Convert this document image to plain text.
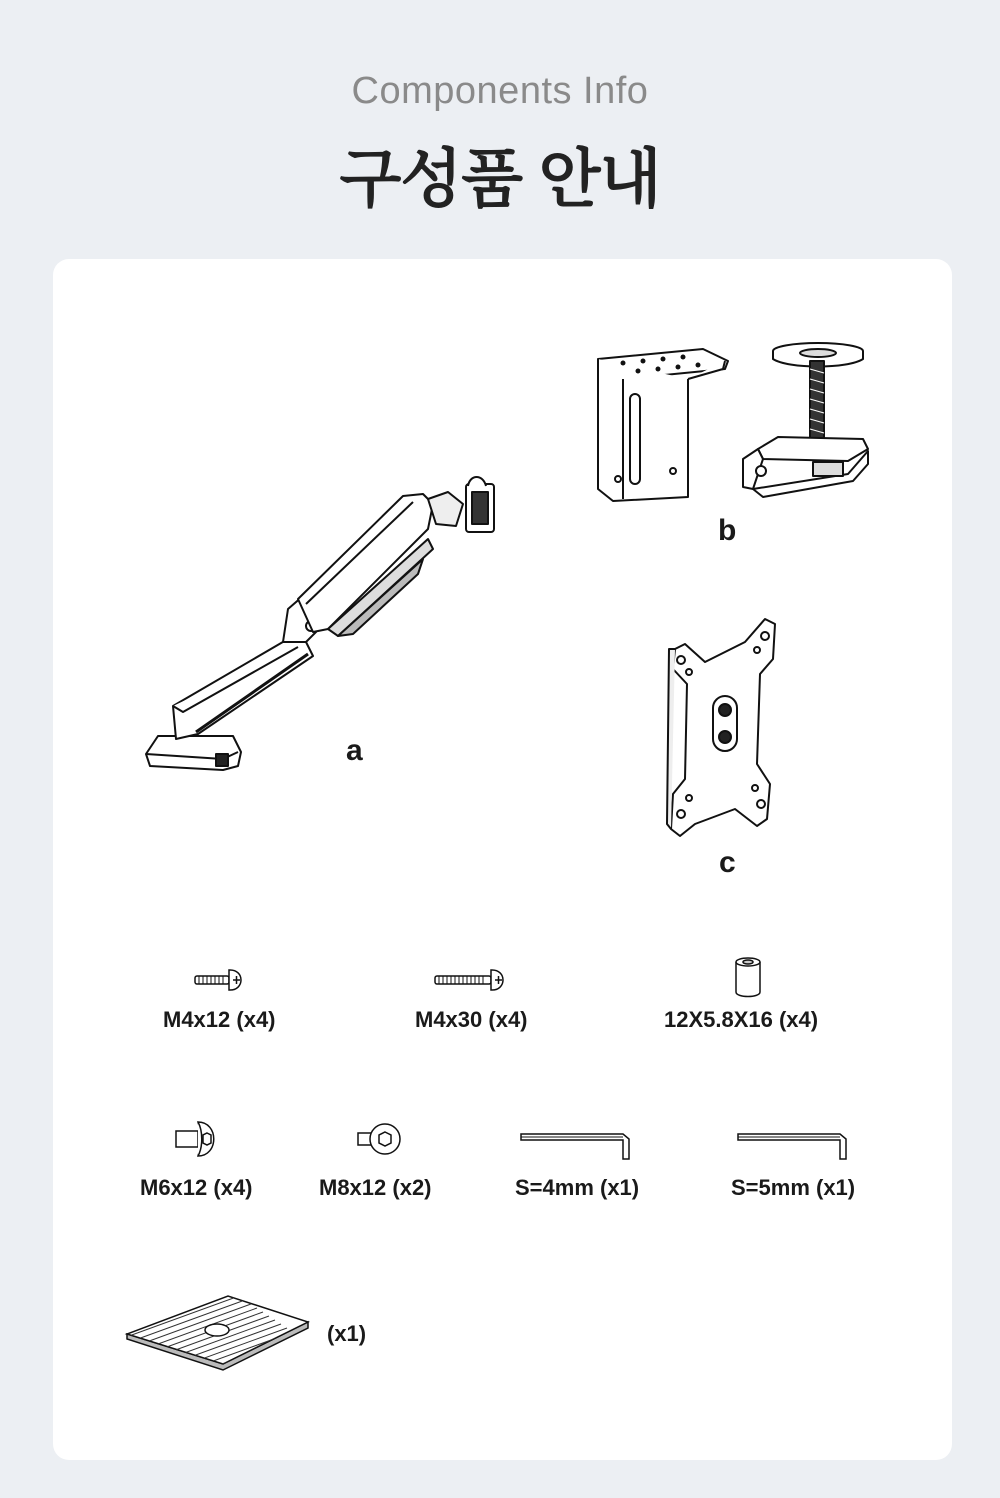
Components Info
구성품 안내
a
b
c
M4x12 (x4)	M4x30 (x4)	12X5.8X16 (x4)
M6x12 (x4)	M8x12 (x2)	S=4mm (x1)	S=5mm (x1)
(x1)
